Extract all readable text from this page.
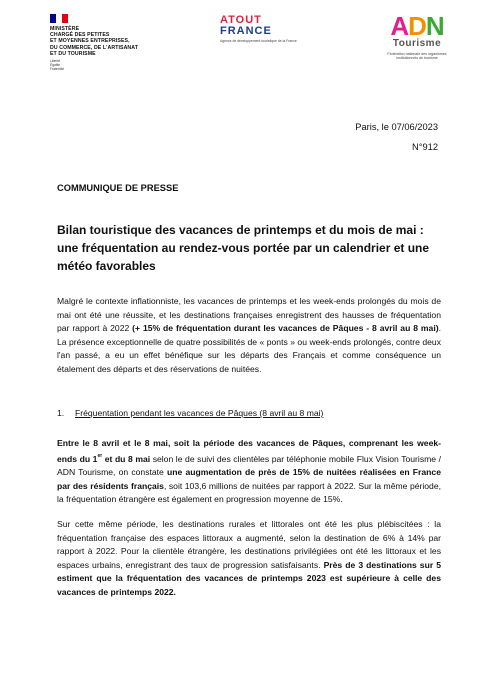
MINISTÈRE
CHARGÉ DES PETITES
ET MOYENNES ENTREPRISES,
DU COMMERCE, DE L'ARTISANAT
ET DU TOURISME
Liberté
Égalité
Fraternité
ATOUT
FRANCE
Agence de développement touristique de la France	ADN
Tourisme
Fédération nationale des organismes institutionnels de tourisme
Paris, le 07/06/2023
N°912
COMMUNIQUE DE PRESSE
Bilan touristique des vacances de printemps et du mois de mai : une fréquentation au rendez-vous portée par un calendrier et une météo favorables
Malgré le contexte inflationniste, les vacances de printemps et les week-ends prolongés du mois de mai ont été une réussite, et les destinations françaises enregistrent des hausses de fréquentation par rapport à 2022 (+ 15% de fréquentation durant les vacances de Pâques - 8 avril au 8 mai). La présence exceptionnelle de quatre possibilités de « ponts » ou week-ends prolongés, contre deux l'an passé, a eu un effet bénéfique sur les départs des Français et comme conséquence un étalement des départs et des réservations de nuitées.
1. Fréquentation pendant les vacances de Pâques (8 avril au 8 mai)
Entre le 8 avril et le 8 mai, soit la période des vacances de Pâques, comprenant les week-ends du 1er et du 8 mai selon le de suivi des clientèles par téléphonie mobile Flux Vision Tourisme / ADN Tourisme, on constate une augmentation de près de 15% de nuitées réalisées en France par des résidents français, soit 103,6 millions de nuitées par rapport à 2022. Sur la même période, la fréquentation étrangère est également en progression moyenne de 15%.
Sur cette même période, les destinations rurales et littorales ont été les plus plébiscitées : la fréquentation française des espaces littoraux a augmenté, selon la destination de 6% à 14% par rapport à 2022. Pour la clientèle étrangère, les destinations privilégiées ont été les littoraux et les espaces urbains, enregistrant des taux de progression satisfaisants. Près de 3 destinations sur 5 estiment que la fréquentation des vacances de printemps 2023 est supérieure à celle des vacances de printemps 2022.
